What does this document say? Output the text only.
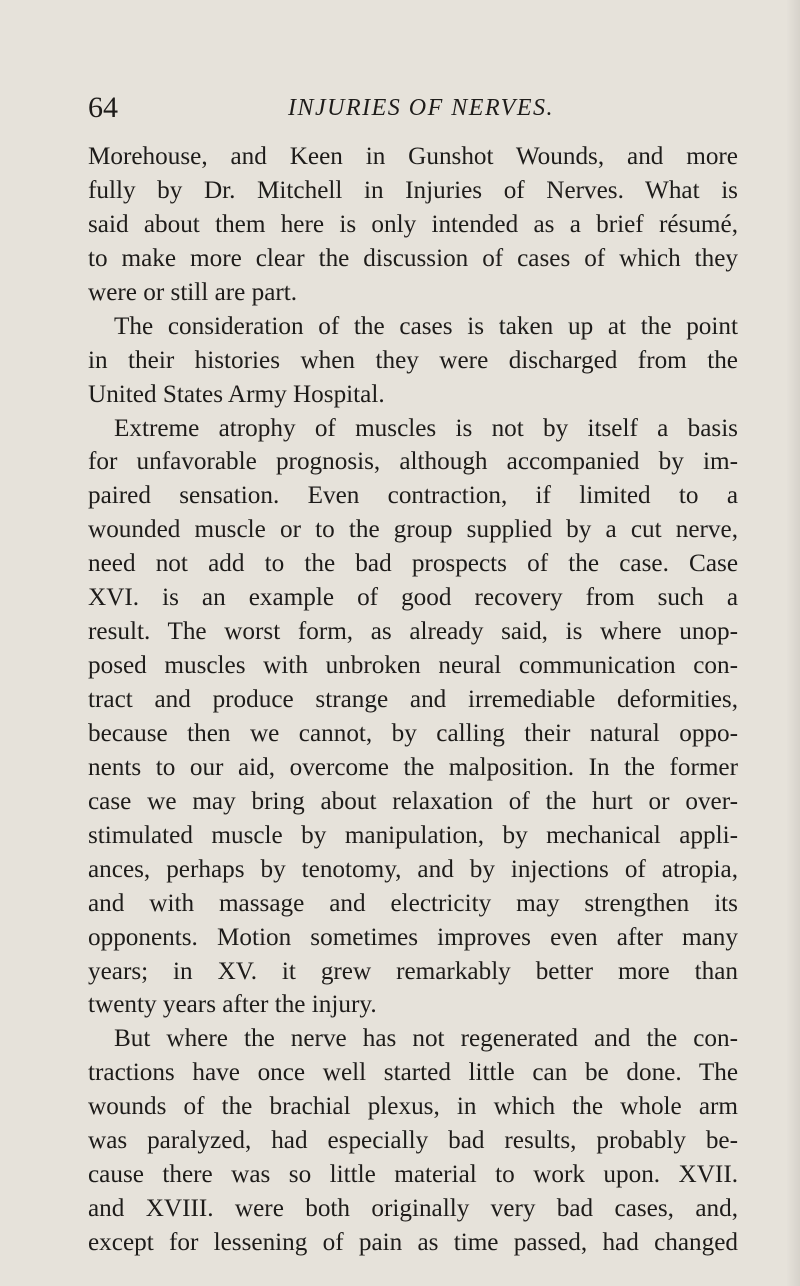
64	INJURIES OF NERVES.
Morehouse, and Keen in Gunshot Wounds, and more
fully by Dr. Mitchell in Injuries of Nerves. What is
said about them here is only intended as a brief résumé,
to make more clear the discussion of cases of which they
were or still are part.
The consideration of the cases is taken up at the point
in their histories when they were discharged from the
United States Army Hospital.
Extreme atrophy of muscles is not by itself a basis
for unfavorable prognosis, although accompanied by im-
paired sensation. Even contraction, if limited to a
wounded muscle or to the group supplied by a cut nerve,
need not add to the bad prospects of the case. Case
XVI. is an example of good recovery from such a
result. The worst form, as already said, is where unop-
posed muscles with unbroken neural communication con-
tract and produce strange and irremediable deformities,
because then we cannot, by calling their natural oppo-
nents to our aid, overcome the malposition. In the former
case we may bring about relaxation of the hurt or over-
stimulated muscle by manipulation, by mechanical appli-
ances, perhaps by tenotomy, and by injections of atropia,
and with massage and electricity may strengthen its
opponents. Motion sometimes improves even after many
years; in XV. it grew remarkably better more than
twenty years after the injury.
But where the nerve has not regenerated and the con-
tractions have once well started little can be done. The
wounds of the brachial plexus, in which the whole arm
was paralyzed, had especially bad results, probably be-
cause there was so little material to work upon. XVII.
and XVIII. were both originally very bad cases, and,
except for lessening of pain as time passed, had changed
